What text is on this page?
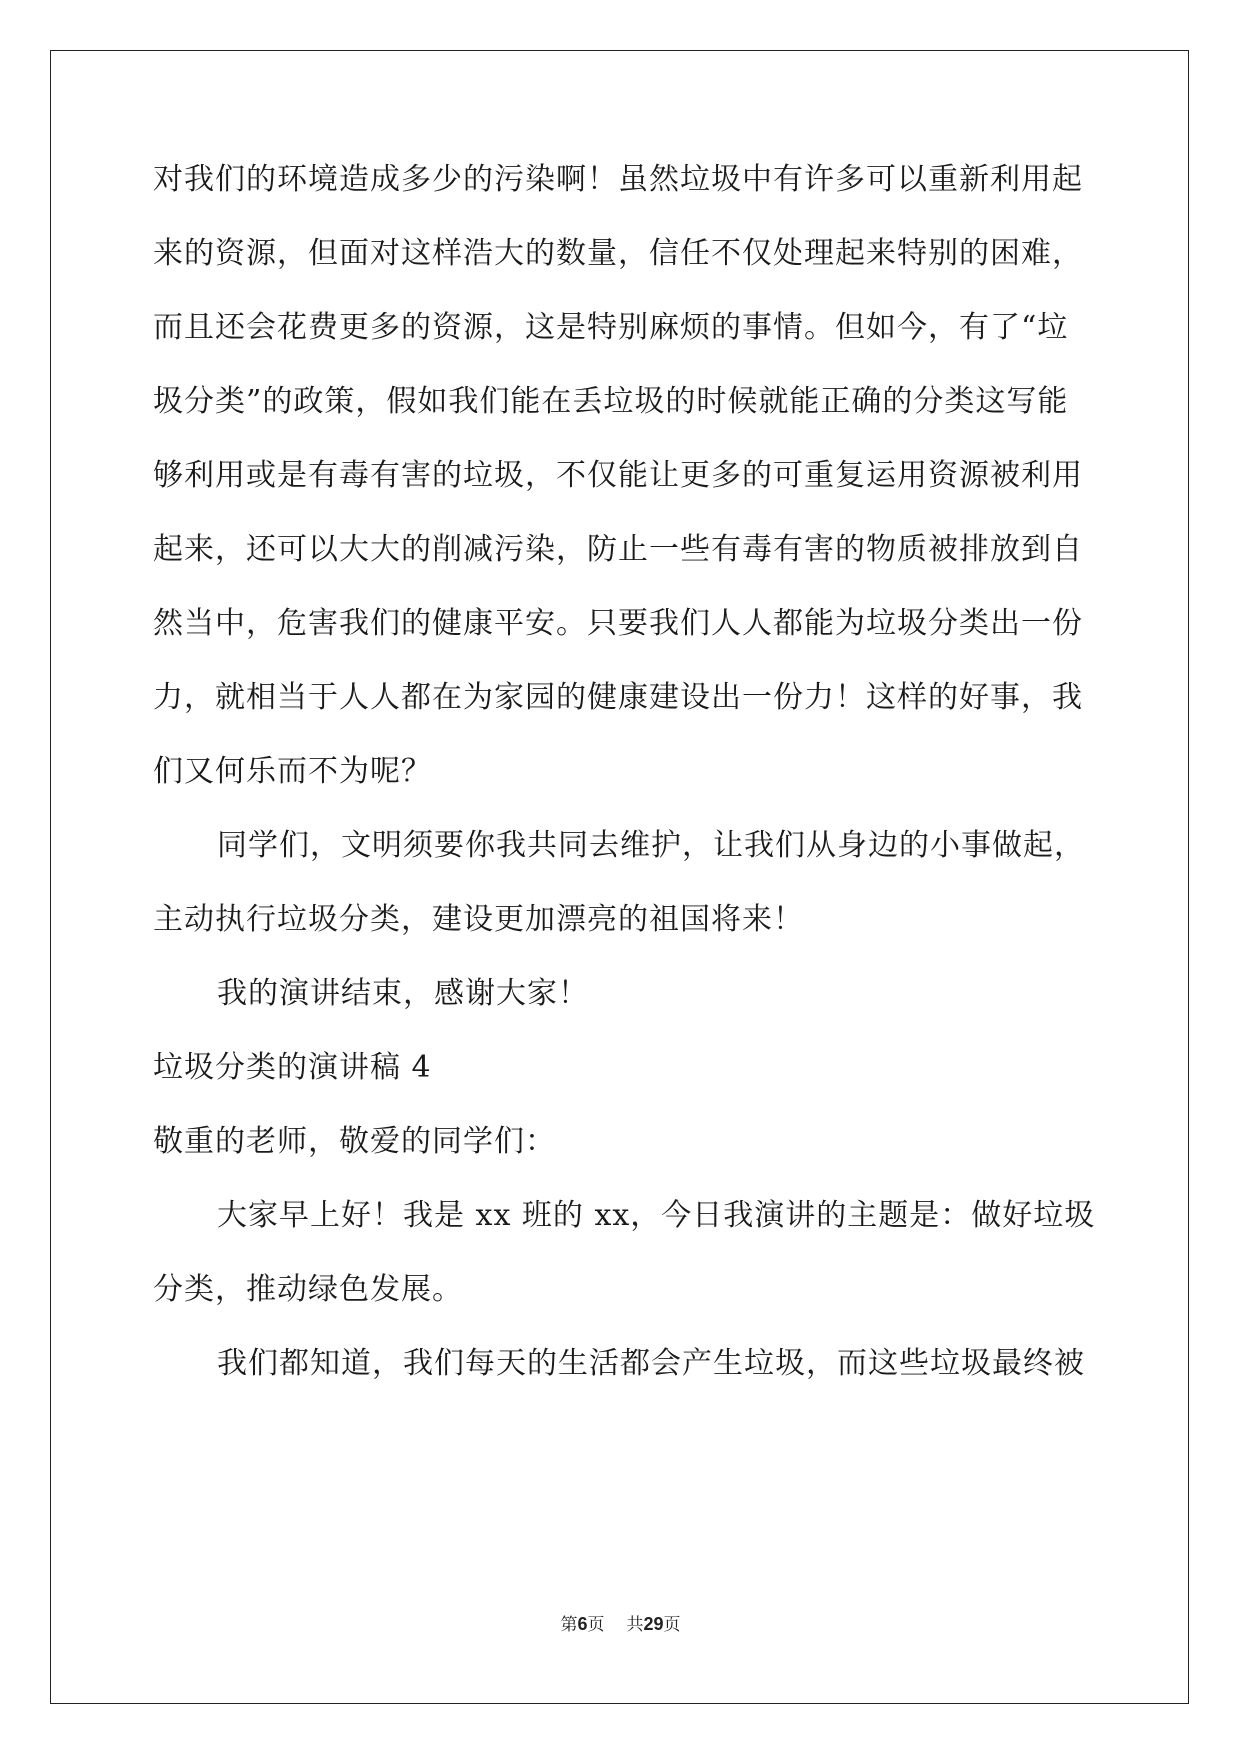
对我们的环境造成多少的污染啊！虽然垃圾中有许多可以重新利用起
来的资源，但面对这样浩大的数量，信任不仅处理起来特别的困难，
而且还会花费更多的资源，这是特别麻烦的事情。但如今，有了“垃
圾分类”的政策，假如我们能在丢垃圾的时候就能正确的分类这写能
够利用或是有毒有害的垃圾，不仅能让更多的可重复运用资源被利用
起来，还可以大大的削减污染，防止一些有毒有害的物质被排放到自
然当中，危害我们的健康平安。只要我们人人都能为垃圾分类出一份
力，就相当于人人都在为家园的健康建设出一份力！这样的好事，我
们又何乐而不为呢？
同学们，文明须要你我共同去维护，让我们从身边的小事做起，
主动执行垃圾分类，建设更加漂亮的祖国将来！
我的演讲结束，感谢大家！
垃圾分类的演讲稿 4
敬重的老师，敬爱的同学们：
大家早上好！我是 xx 班的 xx，今日我演讲的主题是：做好垃圾
分类，推动绿色发展。
我们都知道，我们每天的生活都会产生垃圾，而这些垃圾最终被
第6页 共29页
